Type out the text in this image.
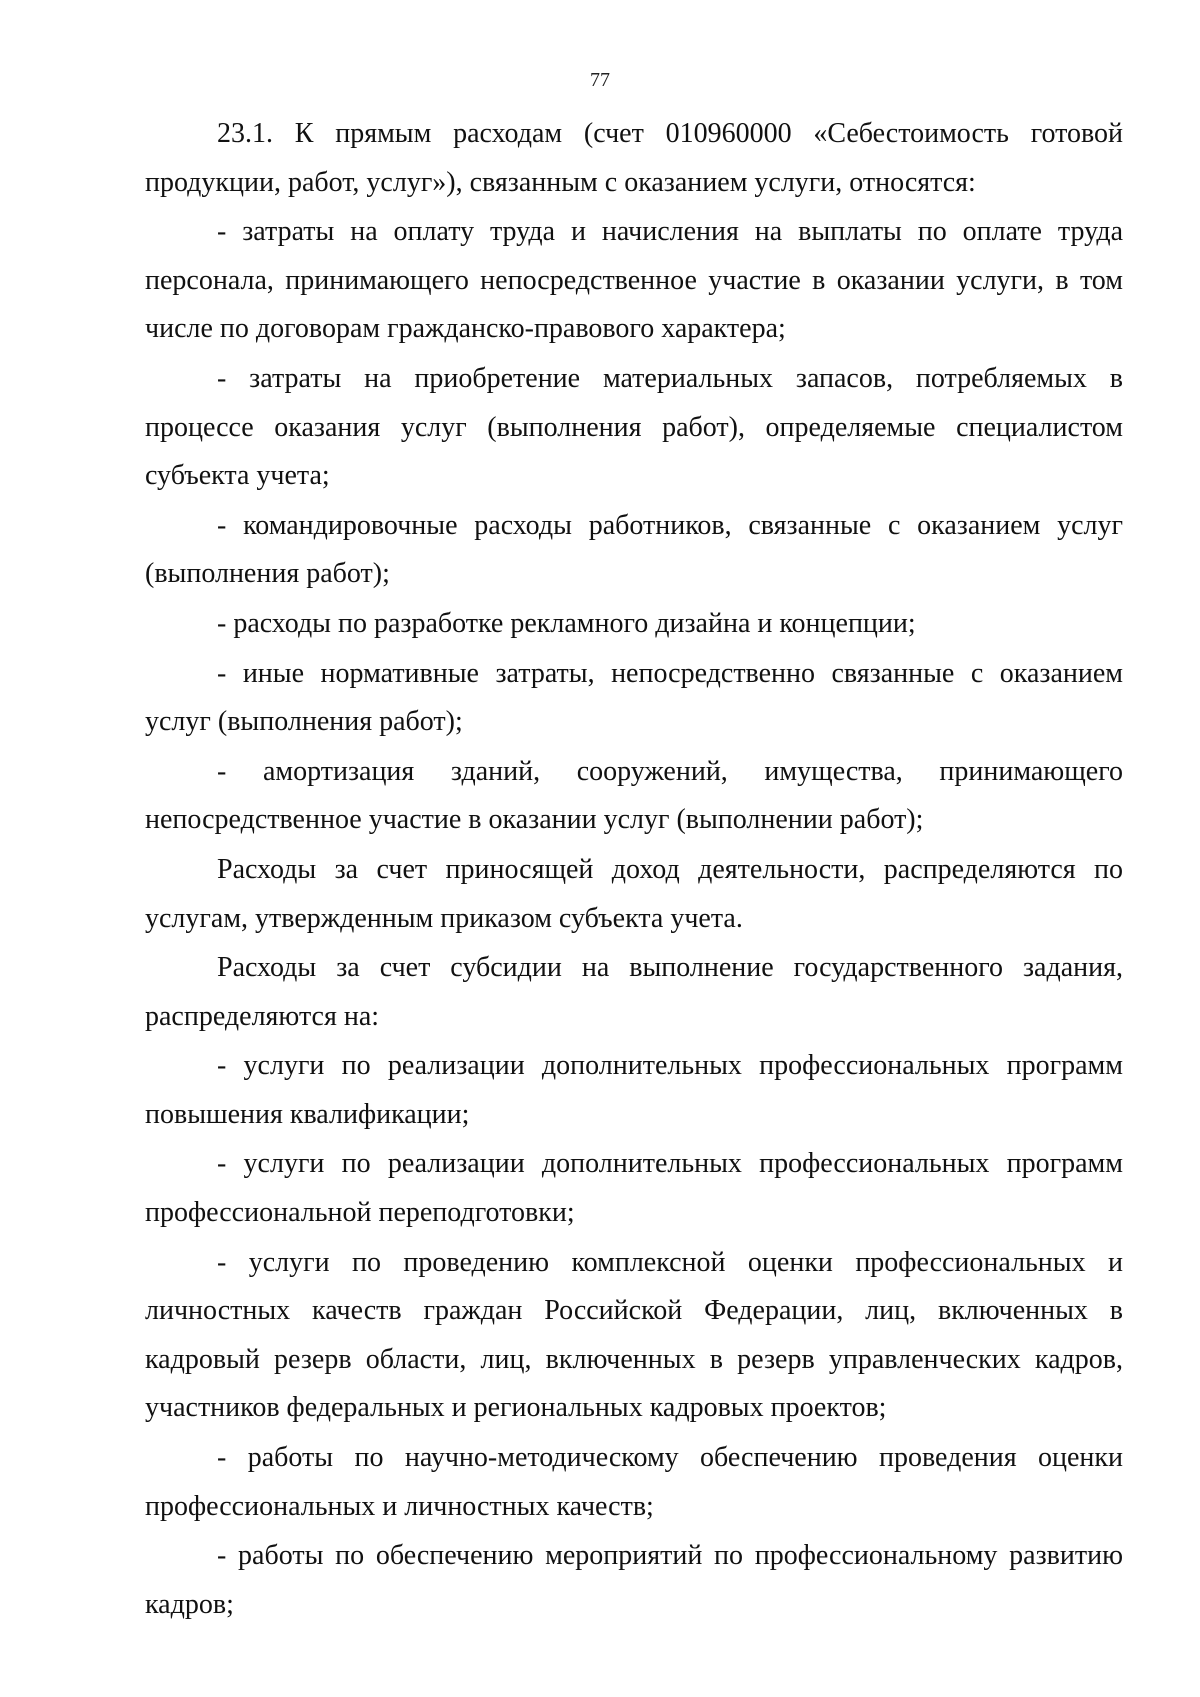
77

23.1. К прямым расходам (счет 010960000 «Себестоимость готовой продукции, работ, услуг»), связанным с оказанием услуги, относятся:

- затраты на оплату труда и начисления на выплаты по оплате труда персонала, принимающего непосредственное участие в оказании услуги, в том числе по договорам гражданско-правового характера;

- затраты на приобретение материальных запасов, потребляемых в процессе оказания услуг (выполнения работ), определяемые специалистом субъекта учета;

- командировочные расходы работников, связанные с оказанием услуг (выполнения работ);

- расходы по разработке рекламного дизайна и концепции;

- иные нормативные затраты, непосредственно связанные с оказанием услуг (выполнения работ);

- амортизация зданий, сооружений, имущества, принимающего непосредственное участие в оказании услуг (выполнении работ);

Расходы за счет приносящей доход деятельности, распределяются по услугам, утвержденным приказом субъекта учета.

Расходы за счет субсидии на выполнение государственного задания, распределяются на:

- услуги по реализации дополнительных профессиональных программ повышения квалификации;

- услуги по реализации дополнительных профессиональных программ профессиональной переподготовки;

- услуги по проведению комплексной оценки профессиональных и личностных качеств граждан Российской Федерации, лиц, включенных в кадровый резерв области, лиц, включенных в резерв управленческих кадров, участников федеральных и региональных кадровых проектов;

- работы по научно-методическому обеспечению проведения оценки профессиональных и личностных качеств;

- работы по обеспечению мероприятий по профессиональному развитию кадров;
